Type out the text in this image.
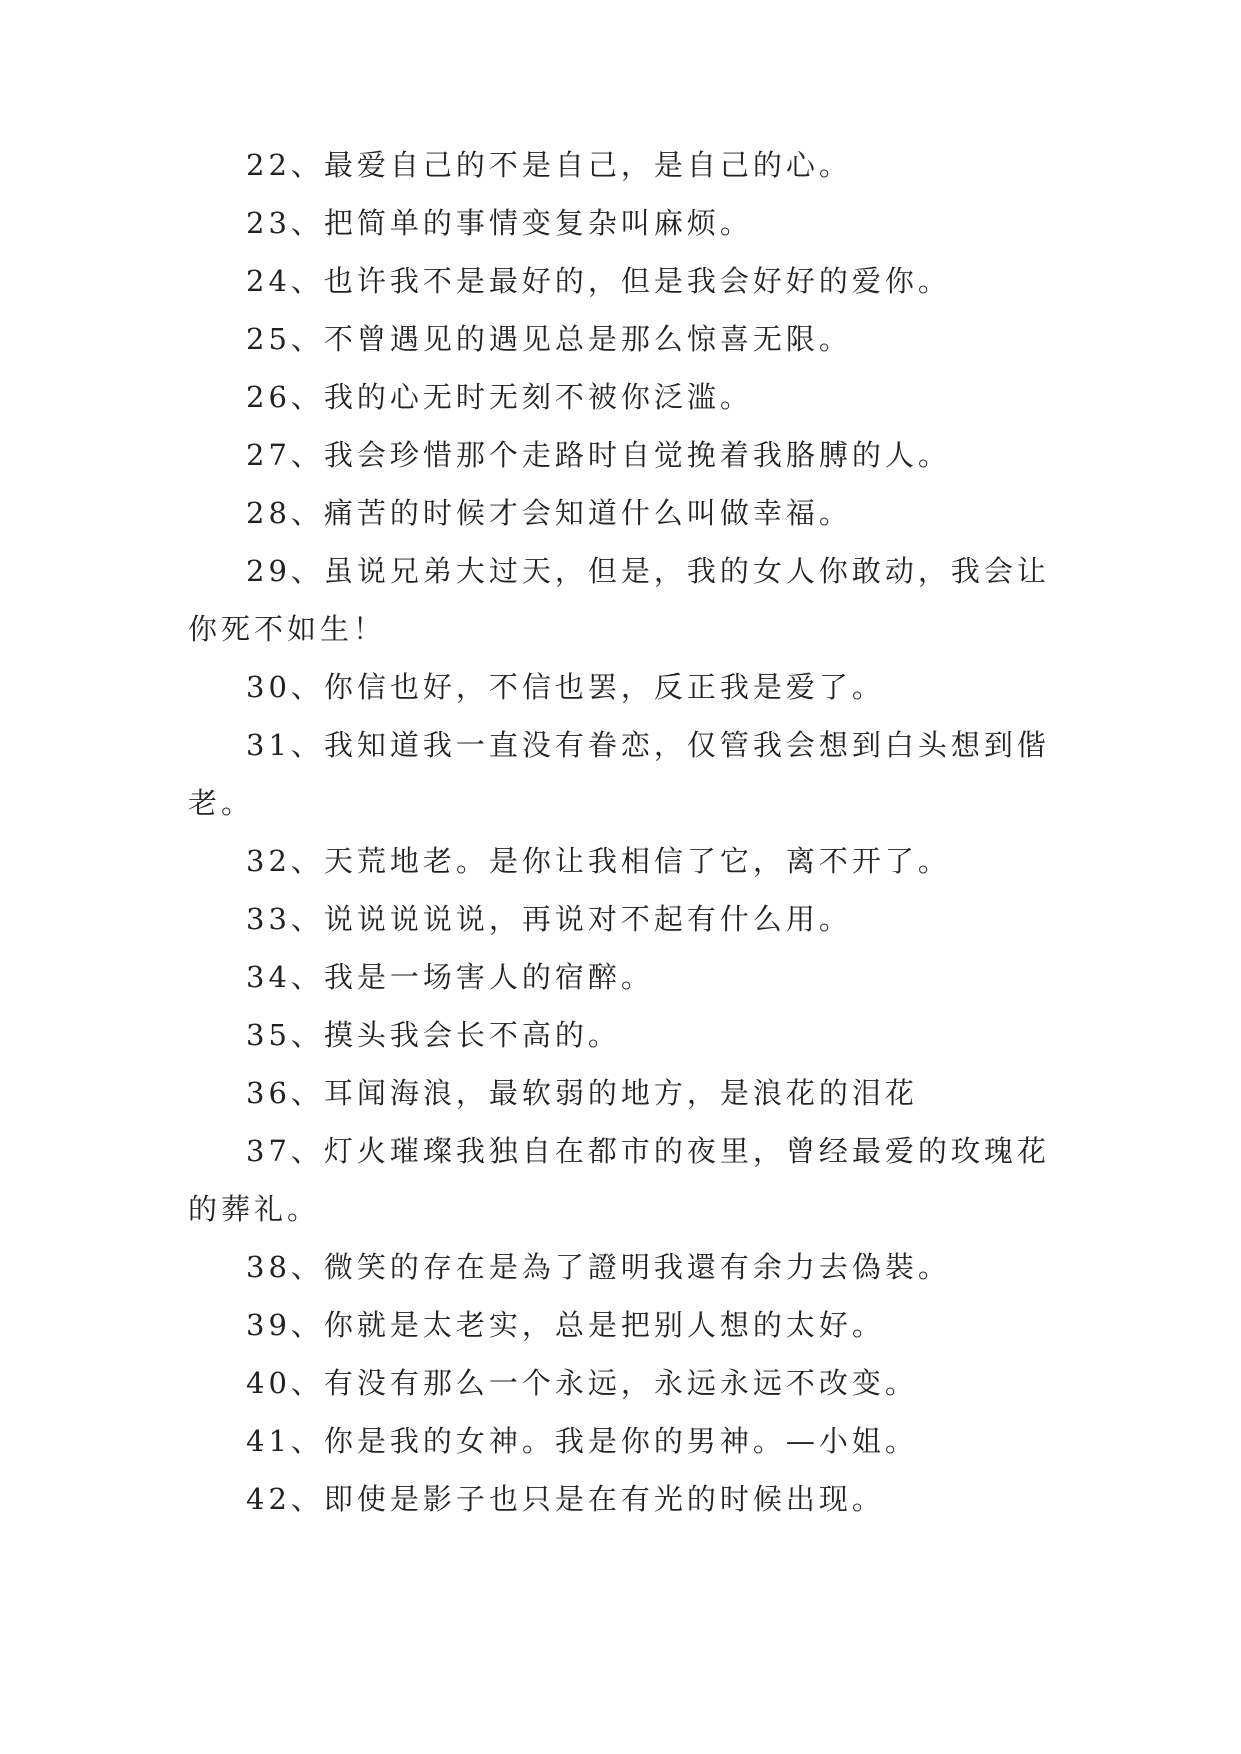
22、最爱自己的不是自己，是自己的心。

23、把简单的事情变复杂叫麻烦。

24、也许我不是最好的，但是我会好好的爱你。

25、不曾遇见的遇见总是那么惊喜无限。

26、我的心无时无刻不被你泛滥。

27、我会珍惜那个走路时自觉挽着我胳膊的人。

28、痛苦的时候才会知道什么叫做幸福。

29、虽说兄弟大过天，但是，我的女人你敢动，我会让你死不如生！

30、你信也好，不信也罢，反正我是爱了。

31、我知道我一直没有眷恋，仅管我会想到白头想到偕老。

32、天荒地老。是你让我相信了它，离不开了。

33、说说说说说，再说对不起有什么用。

34、我是一场害人的宿醉。

35、摸头我会长不高的。

36、耳闻海浪，最软弱的地方，是浪花的泪花

37、灯火璀璨我独自在都市的夜里，曾经最爱的玫瑰花的葬礼。

38、微笑的存在是為了證明我還有余力去偽裝。

39、你就是太老实，总是把别人想的太好。

40、有没有那么一个永远，永远永远不改变。

41、你是我的女神。我是你的男神。—小姐。

42、即使是影子也只是在有光的时候出现。
